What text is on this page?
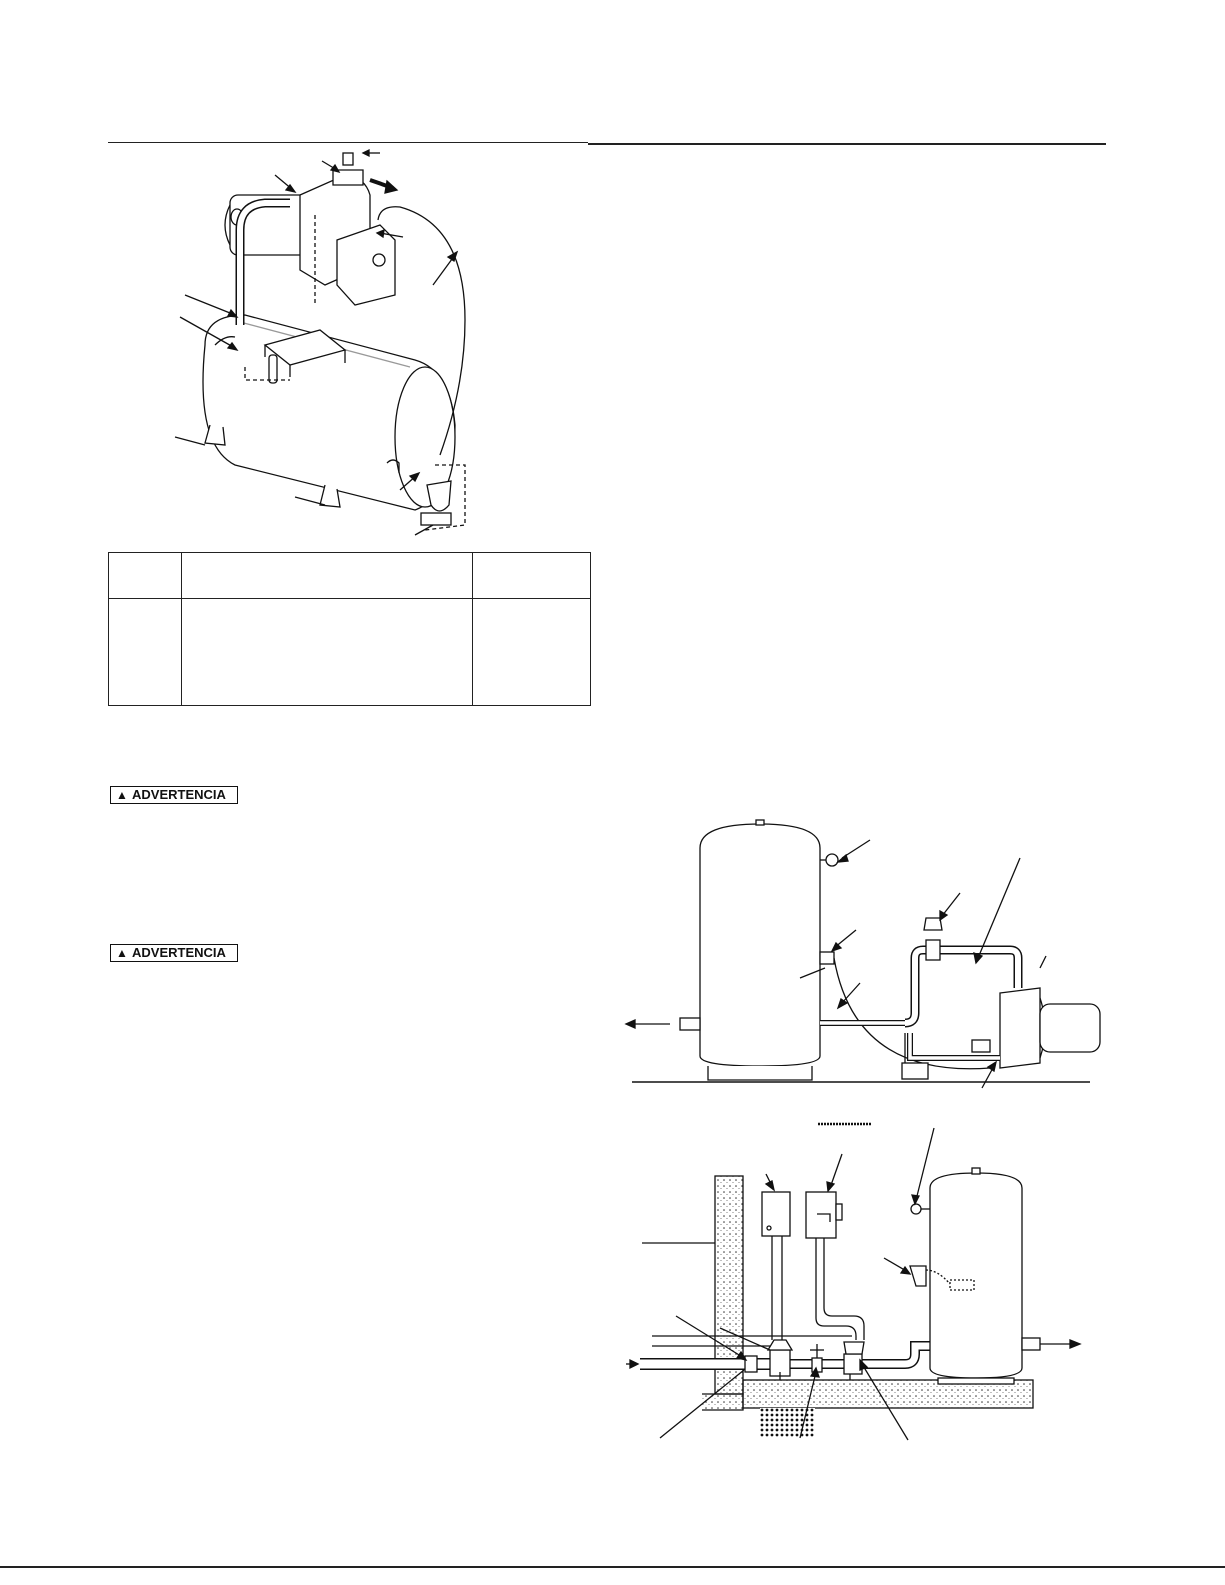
▲ ADVERTENCIA
▲ ADVERTENCIA
